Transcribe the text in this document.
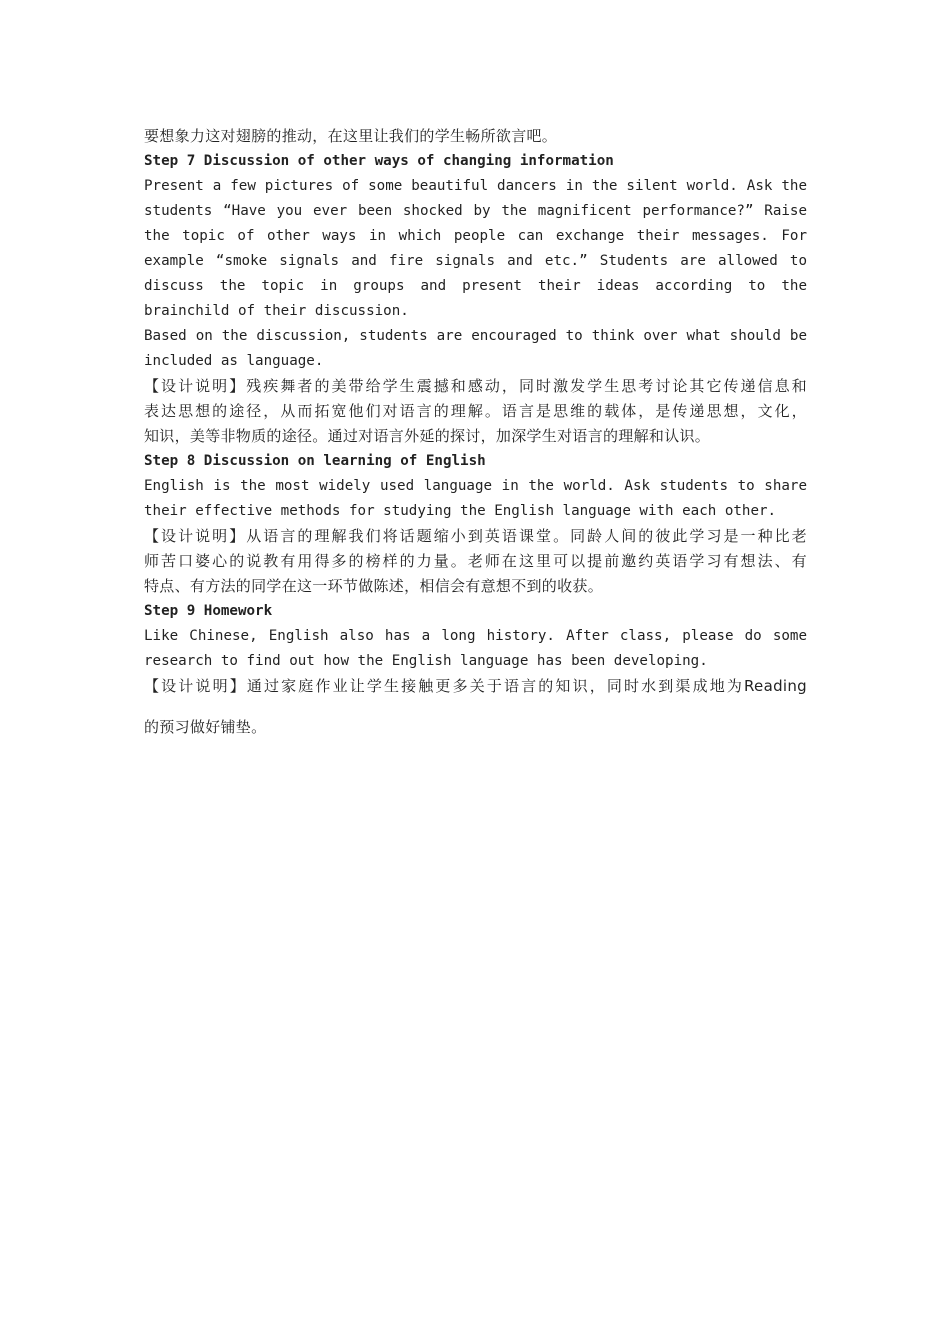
要想象力这对翅膀的推动，在这里让我们的学生畅所欲言吧。
Step 7 Discussion of other ways of changing information
Present a few pictures of some beautiful dancers in the silent world. Ask the
students “Have you ever been shocked by the magnificent performance?” Raise
the topic of other ways in which people can exchange their messages. For
example “smoke signals and fire signals and etc.” Students are allowed to
discuss the topic in groups and present their ideas according to the
brainchild of their discussion.
Based on the discussion, students are encouraged to think over what should be
included as language.
【设计说明】残疾舞者的美带给学生震撼和感动，同时激发学生思考讨论其它传递信息和
表达思想的途径，从而拓宽他们对语言的理解。语言是思维的载体，是传递思想，文化，
知识，美等非物质的途径。通过对语言外延的探讨，加深学生对语言的理解和认识。
Step 8 Discussion on learning of English
English is the most widely used language in the world. Ask students to share
their effective methods for studying the English language with each other.
【设计说明】从语言的理解我们将话题缩小到英语课堂。同龄人间的彼此学习是一种比老
师苦口婆心的说教有用得多的榜样的力量。老师在这里可以提前邀约英语学习有想法、有
特点、有方法的同学在这一环节做陈述，相信会有意想不到的收获。
Step 9 Homework
Like Chinese, English also has a long history. After class, please do some
research to find out how the English language has been developing.
【设计说明】通过家庭作业让学生接触更多关于语言的知识，同时水到渠成地为Reading
的预习做好铺垫。
